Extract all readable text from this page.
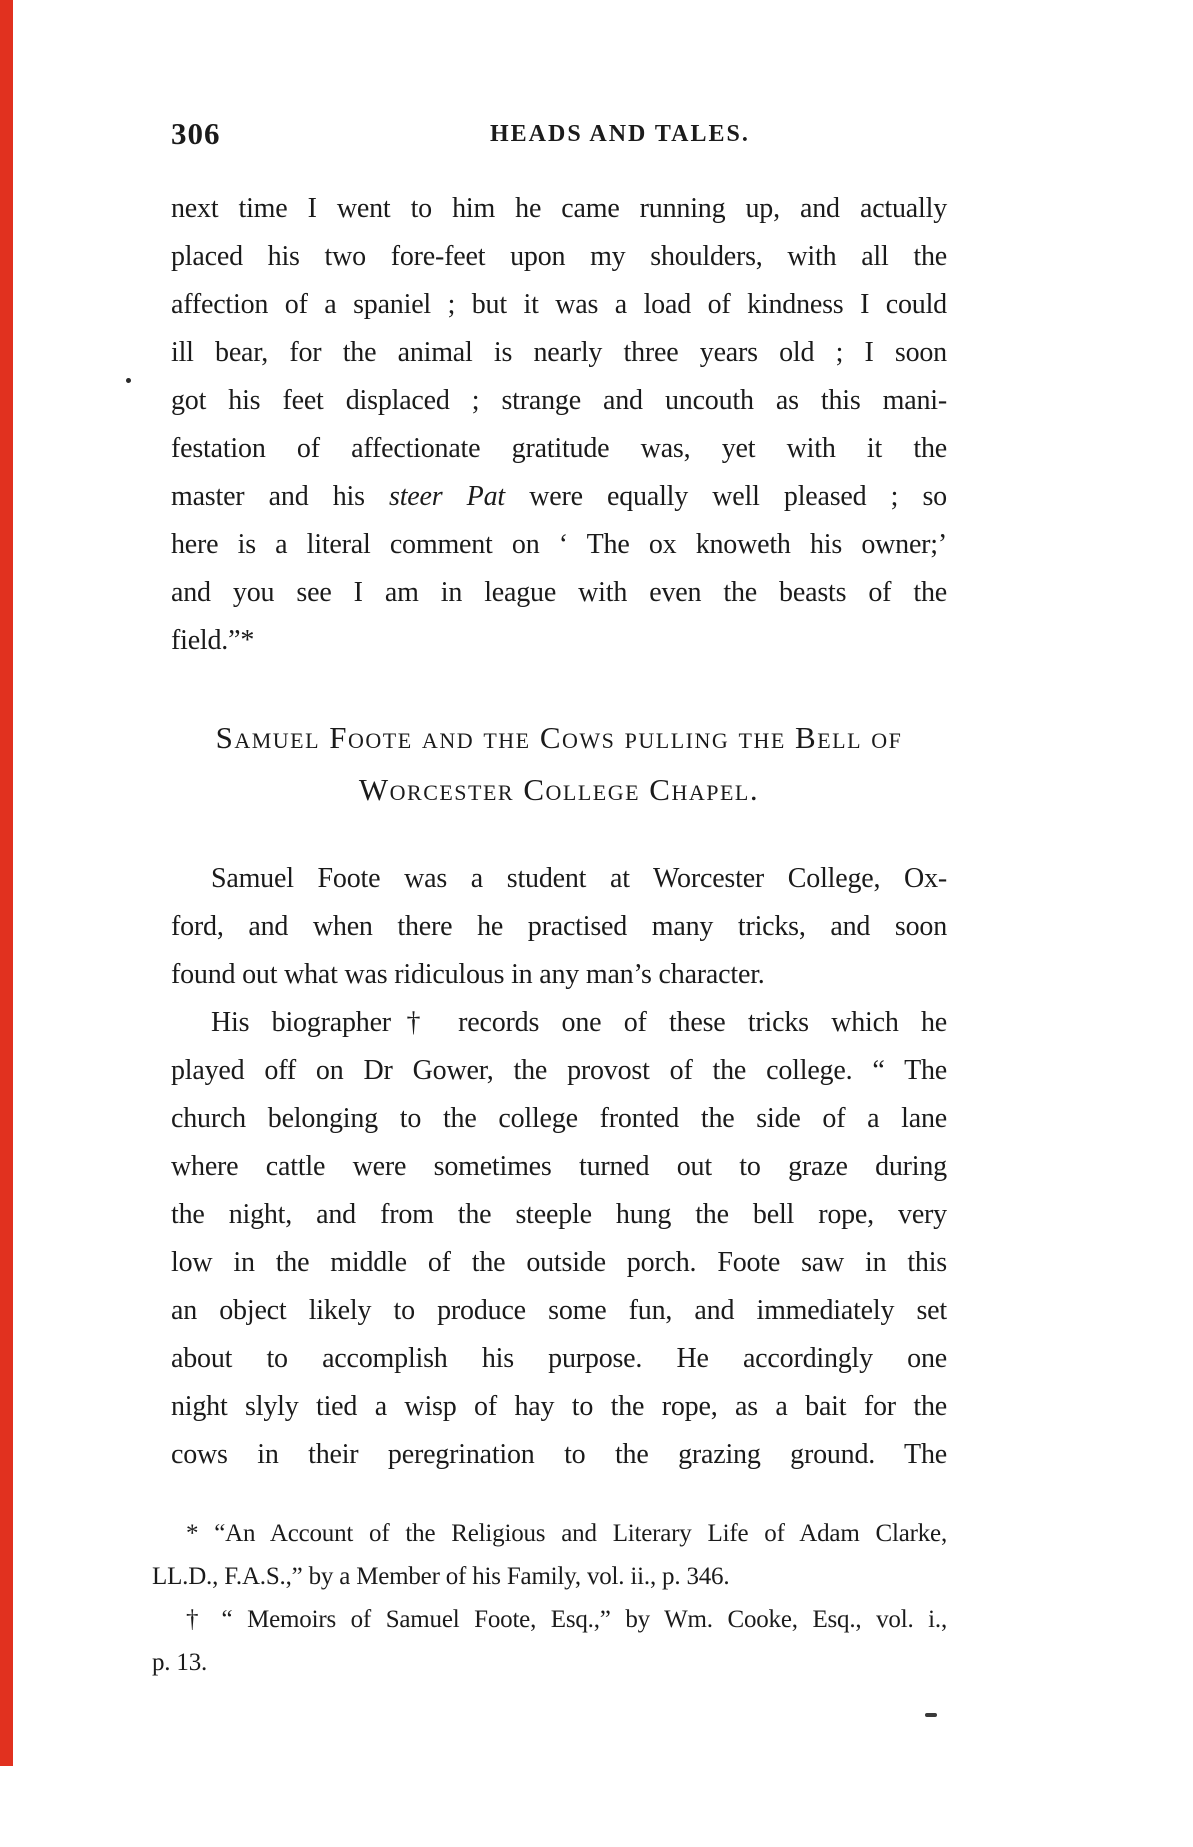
306	HEADS AND TALES.
next time I went to him he came running up, and actually
placed his two fore-feet upon my shoulders, with all the
affection of a spaniel ; but it was a load of kindness I could
ill bear, for the animal is nearly three years old ; I soon
got his feet displaced ; strange and uncouth as this mani-
festation of affectionate gratitude was, yet with it the
master and his steer Pat were equally well pleased ; so
here is a literal comment on ‘ The ox knoweth his owner;’
and you see I am in league with even the beasts of the
field.”*
Samuel Foote and the Cows pulling the Bell of
Worcester College Chapel.
Samuel Foote was a student at Worcester College, Ox-
ford, and when there he practised many tricks, and soon
found out what was ridiculous in any man’s character.
His biographer† records one of these tricks which he
played off on Dr Gower, the provost of the college. “ The
church belonging to the college fronted the side of a lane
where cattle were sometimes turned out to graze during
the night, and from the steeple hung the bell rope, very
low in the middle of the outside porch. Foote saw in this
an object likely to produce some fun, and immediately set
about to accomplish his purpose. He accordingly one
night slyly tied a wisp of hay to the rope, as a bait for the
cows in their peregrination to the grazing ground. The
* “An Account of the Religious and Literary Life of Adam Clarke,
LL.D., F.A.S.,” by a Member of his Family, vol. ii., p. 346.
† “ Memoirs of Samuel Foote, Esq.,” by Wm. Cooke, Esq., vol. i.,
p. 13.
